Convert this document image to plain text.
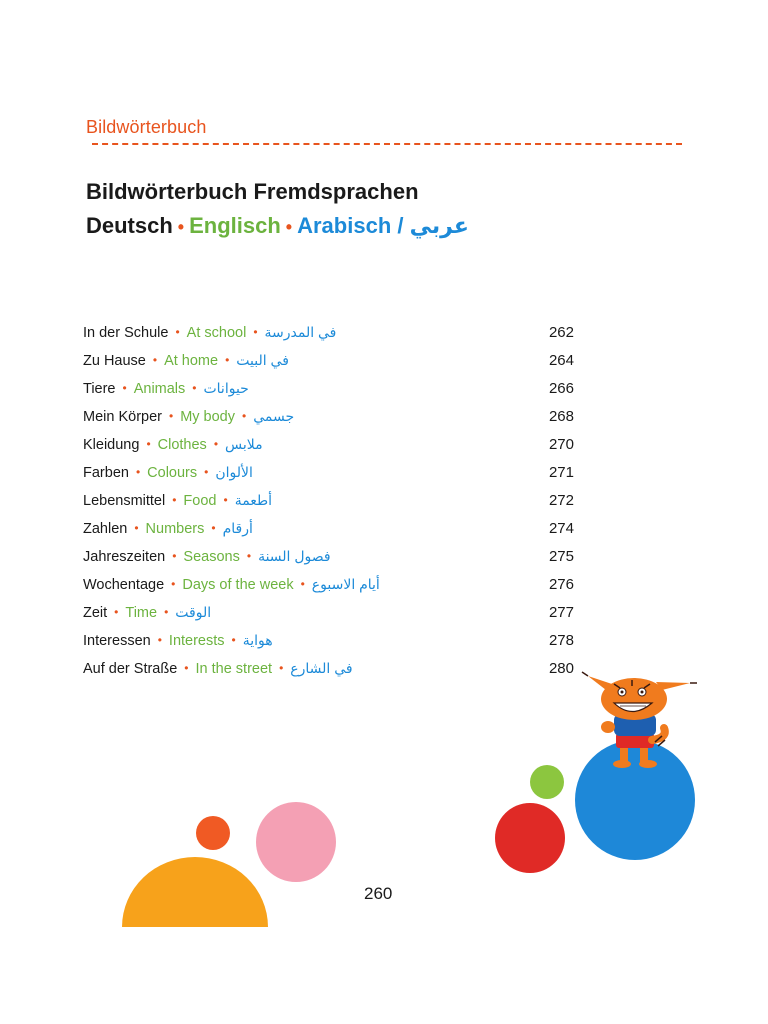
Bildwörterbuch
Bildwörterbuch Fremdsprachen
Deutsch • Englisch • Arabisch / عربي
In der Schule • At school • في المدرسة	262
Zu Hause • At home • في البيت	264
Tiere • Animals • حيوانات	266
Mein Körper • My body • جسمي	268
Kleidung • Clothes • ملابس	270
Farben • Colours • الألوان	271
Lebensmittel • Food • أطعمة	272
Zahlen • Numbers • أرقام	274
Jahreszeiten • Seasons • فصول السنة	275
Wochentage • Days of the week • أيام الاسبوع	276
Zeit • Time • الوقت	277
Interessen • Interests • هواية	278
Auf der Straße • In the street • في الشارع	280
260
